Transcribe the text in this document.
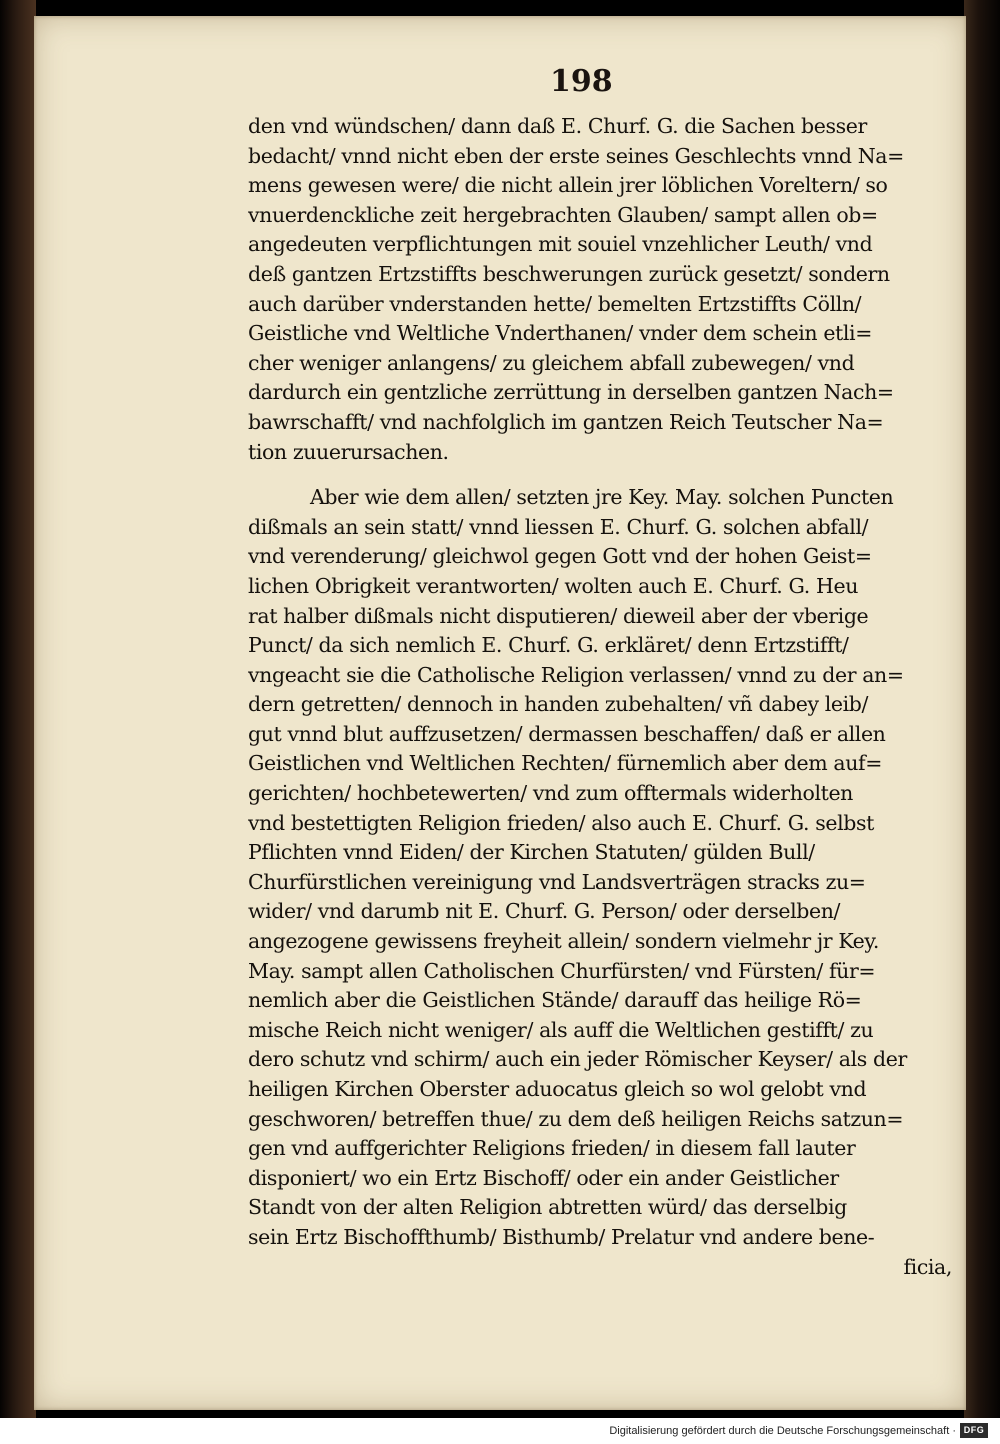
198
den vnd wündschen/ dann daß E. Churf. G. die Sachen besser
bedacht/ vnnd nicht eben der erste seines Geschlechts vnnd Na=
mens gewesen were/ die nicht allein jrer löblichen Voreltern/ so
vnuerdenckliche zeit hergebrachten Glauben/ sampt allen ob=
angedeuten verpflichtungen mit souiel vnzehlicher Leuth/ vnd
deß gantzen Ertzstiffts beschwerungen zurück gesetzt/ sondern
auch darüber vnderstanden hette/ bemelten Ertzstiffts Cölln/
Geistliche vnd Weltliche Vnderthanen/ vnder dem schein etli=
cher weniger anlangens/ zu gleichem abfall zubewegen/ vnd
dardurch ein gentzliche zerrüttung in derselben gantzen Nach=
bawrschafft/ vnd nachfolglich im gantzen Reich Teutscher Na=
tion zuuerursachen.
Aber wie dem allen/ setzten jre Key. May. solchen Puncten
dißmals an sein statt/ vnnd liessen E. Churf. G. solchen abfall/
vnd verenderung/ gleichwol gegen Gott vnd der hohen Geist=
lichen Obrigkeit verantworten/ wolten auch E. Churf. G. Heu
rat halber dißmals nicht disputieren/ dieweil aber der vberige
Punct/ da sich nemlich E. Churf. G. erkläret/ denn Ertzstifft/
vngeacht sie die Catholische Religion verlassen/ vnnd zu der an=
dern getretten/ dennoch in handen zubehalten/ vñ dabey leib/
gut vnnd blut auffzusetzen/ dermassen beschaffen/ daß er allen
Geistlichen vnd Weltlichen Rechten/ fürnemlich aber dem auf=
gerichten/ hochbetewerten/ vnd zum offtermals widerholten
vnd bestettigten Religion frieden/ also auch E. Churf. G. selbst
Pflichten vnnd Eiden/ der Kirchen Statuten/ gülden Bull/
Churfürstlichen vereinigung vnd Landsverträgen stracks zu=
wider/ vnd darumb nit E. Churf. G. Person/ oder derselben/
angezogene gewissens freyheit allein/ sondern vielmehr jr Key.
May. sampt allen Catholischen Churfürsten/ vnd Fürsten/ für=
nemlich aber die Geistlichen Stände/ darauff das heilige Rö=
mische Reich nicht weniger/ als auff die Weltlichen gestifft/ zu
dero schutz vnd schirm/ auch ein jeder Römischer Keyser/ als der
heiligen Kirchen Oberster aduocatus gleich so wol gelobt vnd
geschworen/ betreffen thue/ zu dem deß heiligen Reichs satzun=
gen vnd auffgerichter Religions frieden/ in diesem fall lauter
disponiert/ wo ein Ertz Bischoff/ oder ein ander Geistlicher
Standt von der alten Religion abtretten würd/ das derselbig
sein Ertz Bischoffthumb/ Bisthumb/ Prelatur vnd andere bene-
ficia,
Digitalisierung gefördert durch die Deutsche Forschungsgemeinschaft · DFG
